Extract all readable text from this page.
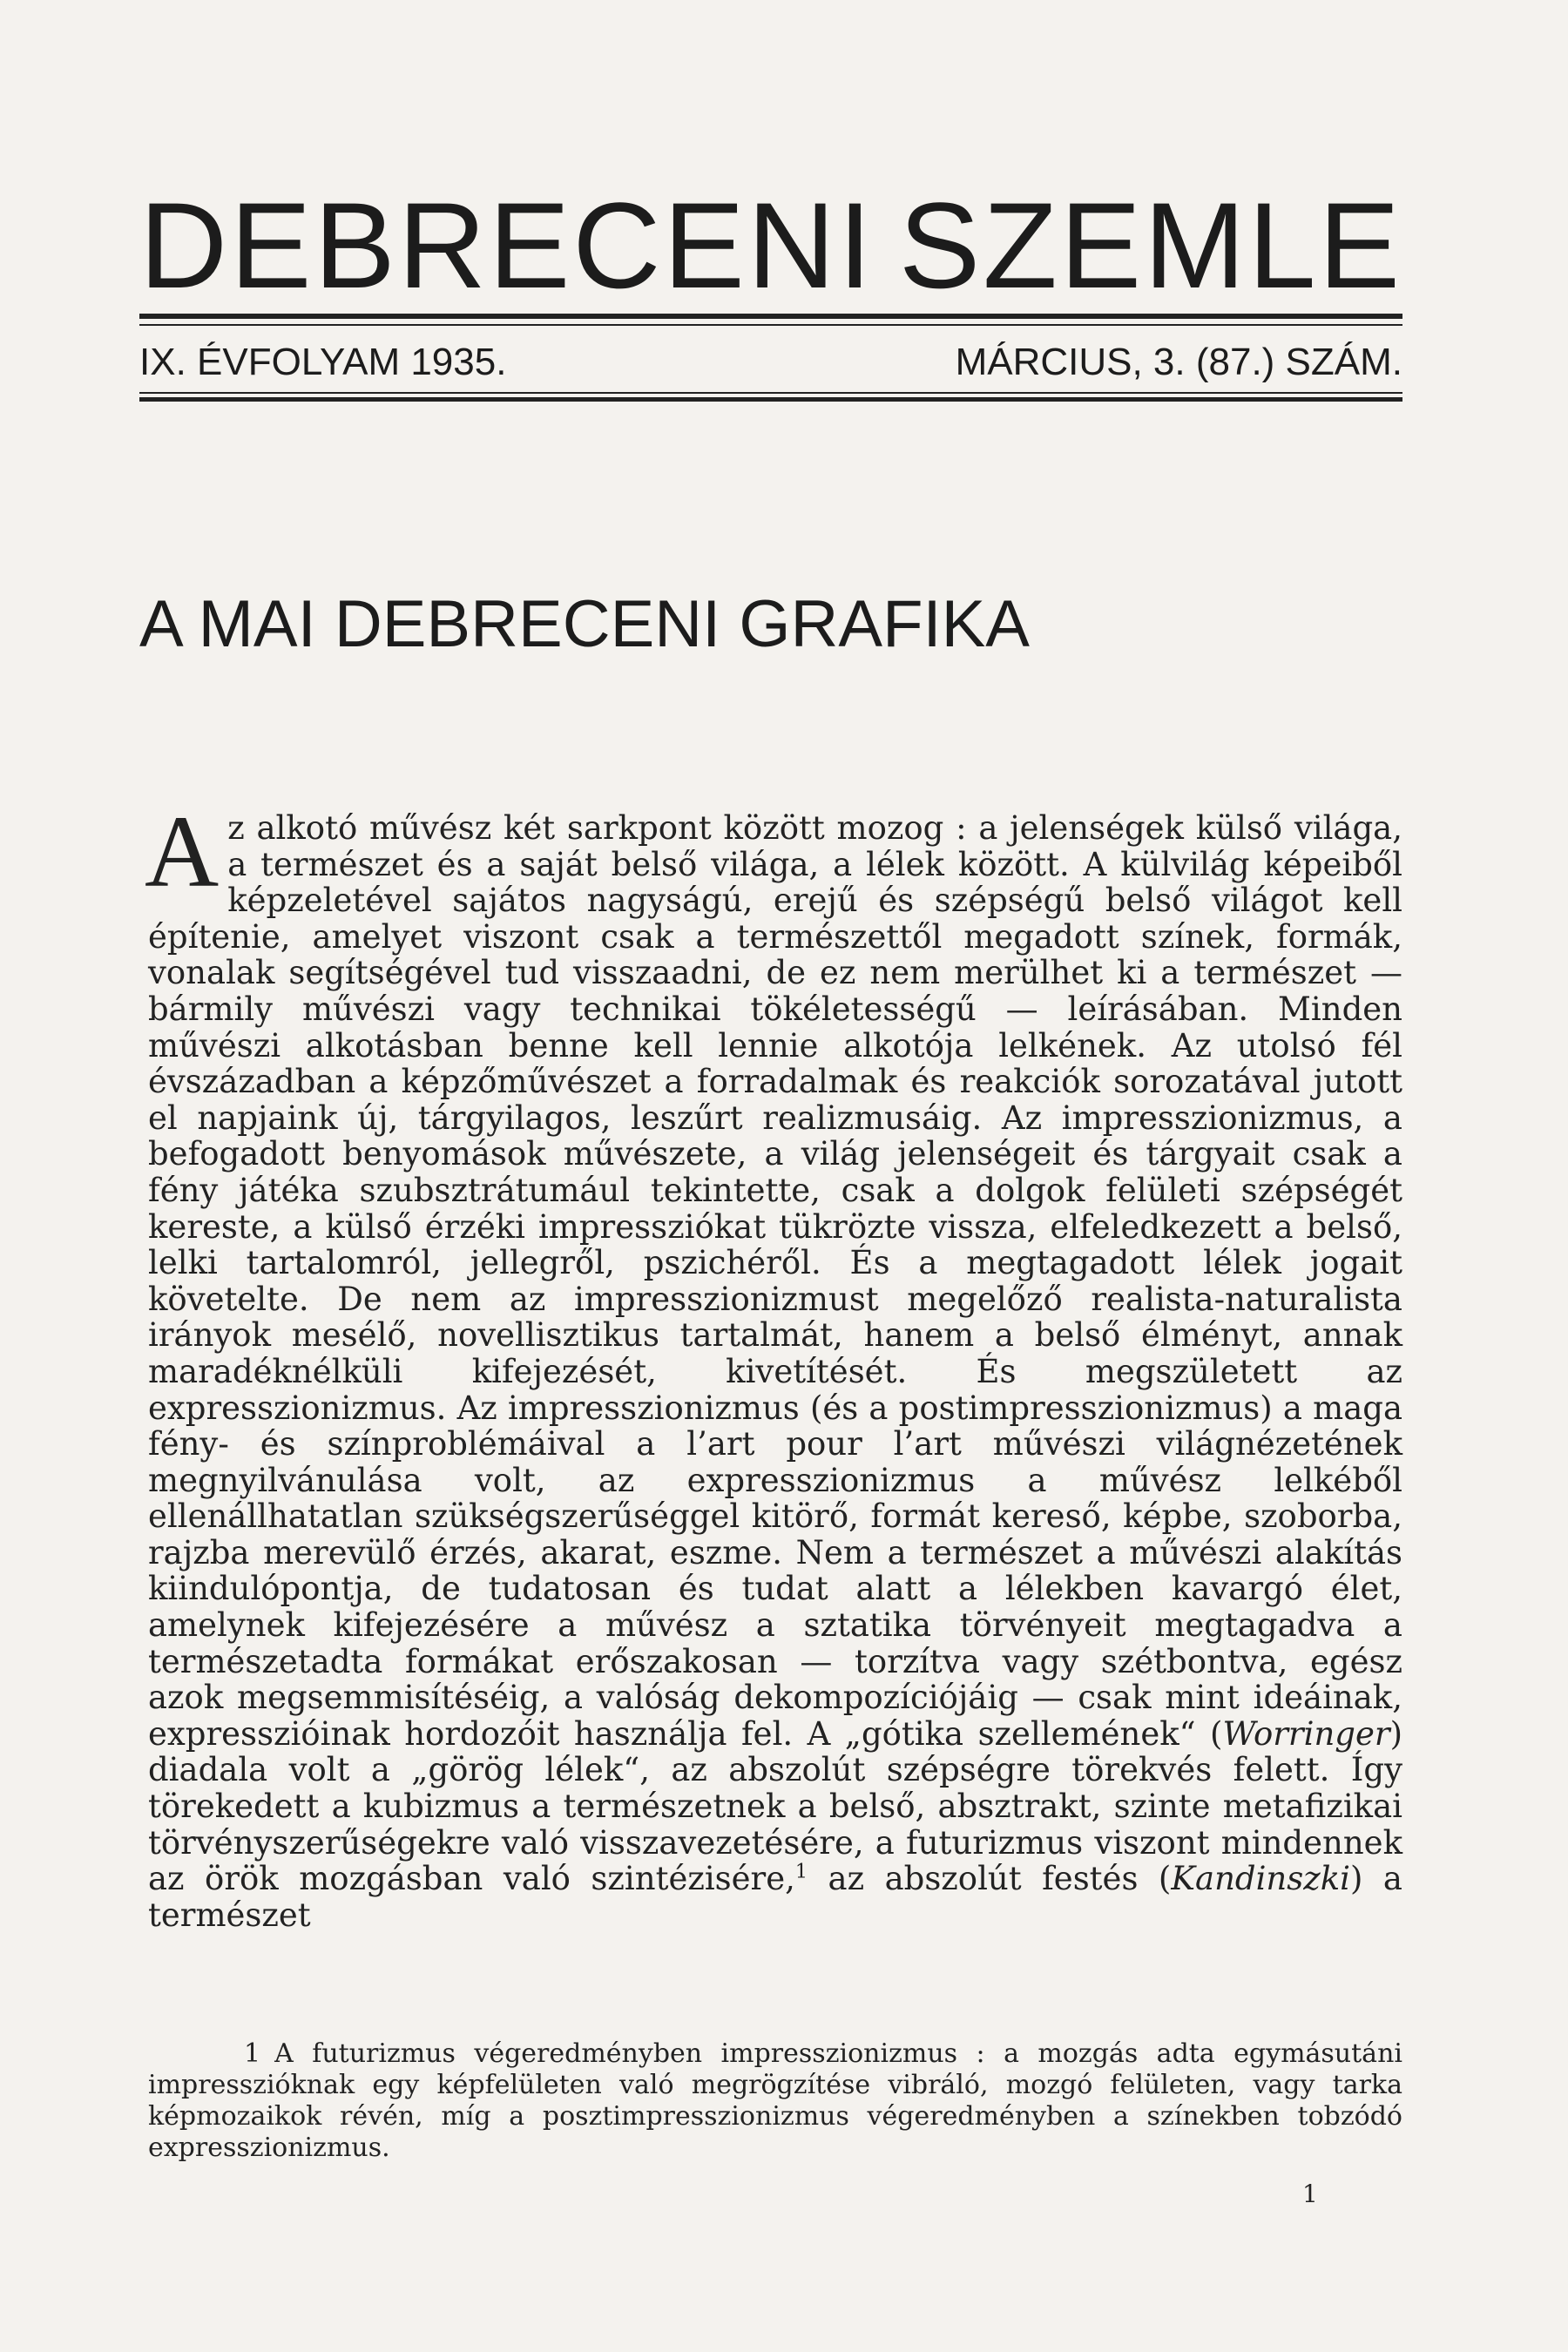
DEBRECENI SZEMLE
IX. ÉVFOLYAM 1935.	MÁRCIUS, 3. (87.) SZÁM.
A MAI DEBRECENI GRAFIKA
Az alkotó művész két sarkpont között mozog : a jelenségek külső világa, a természet és a saját belső világa, a lélek között. A külvilág képeiből képzeletével sajátos nagyságú, erejű és szépségű belső világot kell építenie, amelyet viszont csak a természettől megadott színek, formák, vonalak segítségével tud visszaadni, de ez nem merülhet ki a természet — bármily művészi vagy technikai tökéletességű — leírásában. Minden művészi alkotásban benne kell lennie alkotója lelkének. Az utolsó fél évszázadban a képzőművészet a forradalmak és reakciók sorozatával jutott el napjaink új, tárgyilagos, leszűrt realizmusáig. Az impresszionizmus, a befogadott benyomások művészete, a világ jelenségeit és tárgyait csak a fény játéka szubsztrátumául tekintette, csak a dolgok felületi szépségét kereste, a külső érzéki impressziókat tükrözte vissza, elfeledkezett a belső, lelki tartalomról, jellegről, pszichéről. És a megtagadott lélek jogait követelte. De nem az impresszionizmust megelőző realista-naturalista irányok mesélő, novellisztikus tartalmát, hanem a belső élményt, annak maradéknélküli kifejezését, kivetítését. És megszületett az expresszionizmus. Az impresszionizmus (és a postimpresszionizmus) a maga fény- és színproblémáival a l’art pour l’art művészi világnézetének megnyilvánulása volt, az expresszionizmus a művész lelkéből ellenállhatatlan szükségszerűséggel kitörő, formát kereső, képbe, szoborba, rajzba merevülő érzés, akarat, eszme. Nem a természet a művészi alakítás kiindulópontja, de tudatosan és tudat alatt a lélekben kavargó élet, amelynek kifejezésére a művész a sztatika törvényeit megtagadva a természetadta formákat erőszakosan — torzítva vagy szétbontva, egész azok megsemmisítéséig, a valóság dekompozíciójáig — csak mint ideáinak, expresszióinak hordozóit használja fel. A „gótika szellemének“ (Worringer) diadala volt a „görög lélek“, az abszolút szépségre törekvés felett. Így törekedett a kubizmus a természetnek a belső, absztrakt, szinte metafizikai törvényszerűségekre való visszavezetésére, a futurizmus viszont mindennek az örök mozgásban való szintézisére,$^1$ az abszolút festés (Kandinszki) a természet
1 A futurizmus végeredményben impresszionizmus : a mozgás adta egymásutáni impresszióknak egy képfelületen való megrögzítése vibráló, mozgó felületen, vagy tarka képmozaikok révén, míg a posztimpresszionizmus végeredményben a színekben tobzódó expresszionizmus.
1
